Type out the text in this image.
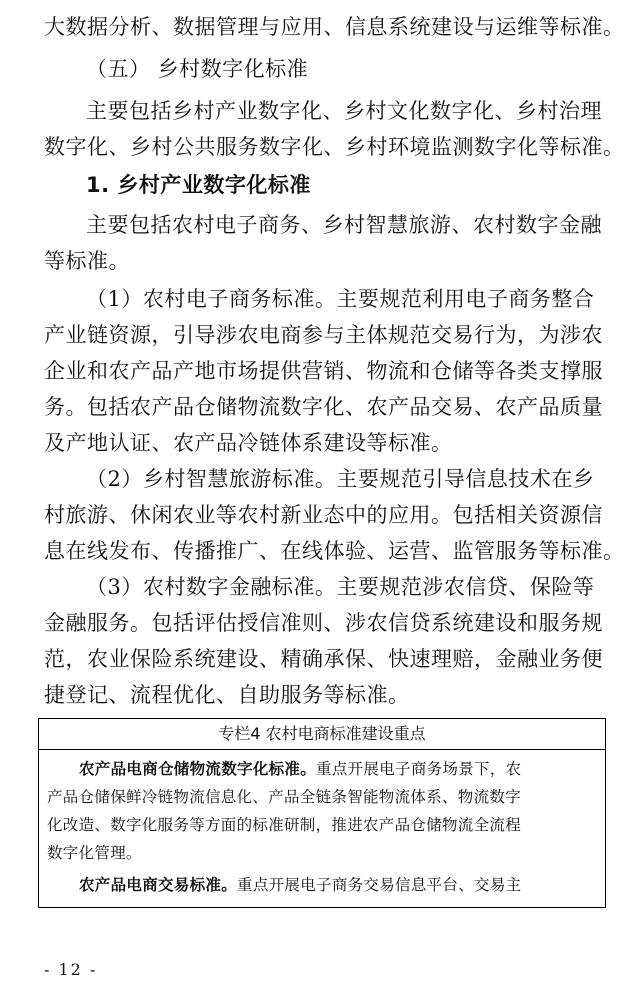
大数据分析、数据管理与应用、信息系统建设与运维等标准。
（五） 乡村数字化标准
主要包括乡村产业数字化、乡村文化数字化、乡村治理
数字化、乡村公共服务数字化、乡村环境监测数字化等标准。
1. 乡村产业数字化标准
主要包括农村电子商务、乡村智慧旅游、农村数字金融
等标准。
（1）农村电子商务标准。主要规范利用电子商务整合
产业链资源，引导涉农电商参与主体规范交易行为，为涉农
企业和农产品产地市场提供营销、物流和仓储等各类支撑服
务。包括农产品仓储物流数字化、农产品交易、农产品质量
及产地认证、农产品冷链体系建设等标准。
（2）乡村智慧旅游标准。主要规范引导信息技术在乡
村旅游、休闲农业等农村新业态中的应用。包括相关资源信
息在线发布、传播推广、在线体验、运营、监管服务等标准。
（3）农村数字金融标准。主要规范涉农信贷、保险等
金融服务。包括评估授信准则、涉农信贷系统建设和服务规
范，农业保险系统建设、精确承保、快速理赔，金融业务便
捷登记、流程优化、自助服务等标准。
专栏4 农村电商标准建设重点
农产品电商仓储物流数字化标准。重点开展电子商务场景下，农
产品仓储保鲜冷链物流信息化、产品全链条智能物流体系、物流数字
化改造、数字化服务等方面的标准研制，推进农产品仓储物流全流程
数字化管理。
农产品电商交易标准。重点开展电子商务交易信息平台、交易主
- 12 -
